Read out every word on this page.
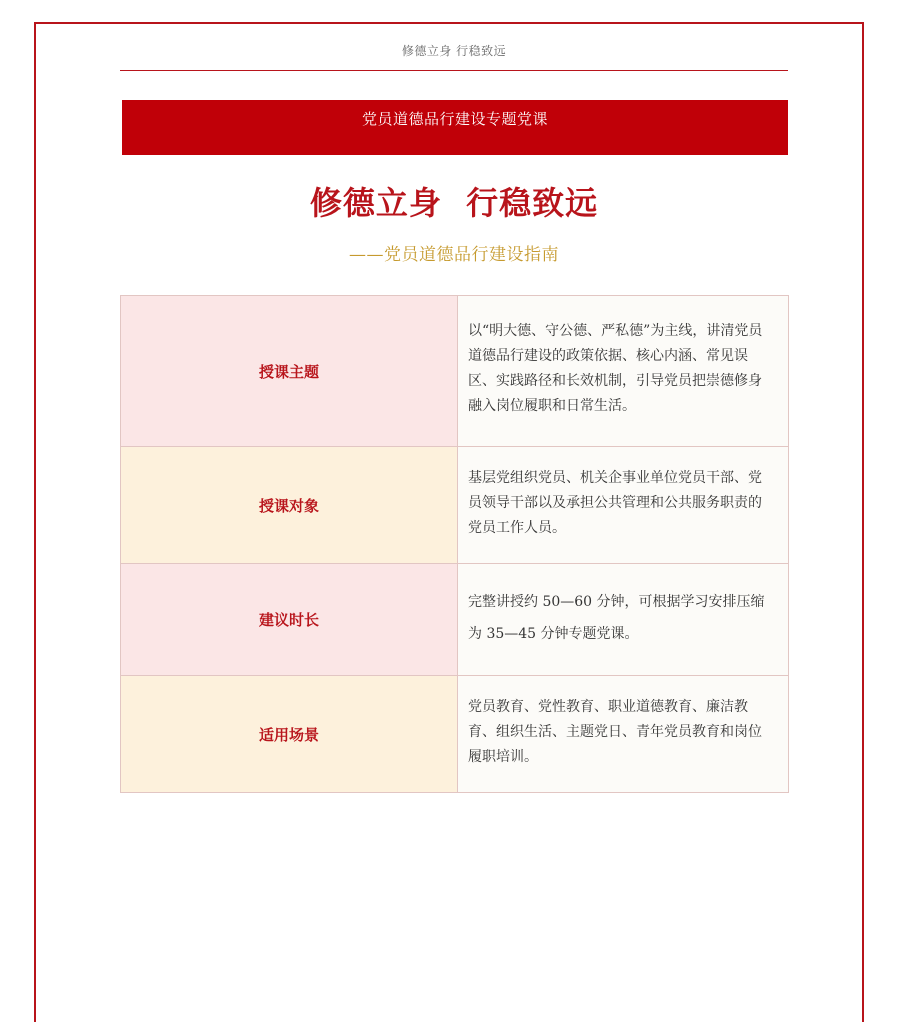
修德立身 行稳致远
党员道德品行建设专题党课
修德立身  行稳致远
——党员道德品行建设指南
授课主题	以“明大德、守公德、严私德”为主线，讲清党员道德品行建设的政策依据、核心内涵、常见误区、实践路径和长效机制，引导党员把崇德修身融入岗位履职和日常生活。
授课对象	基层党组织党员、机关企事业单位党员干部、党员领导干部以及承担公共管理和公共服务职责的党员工作人员。
建议时长	完整讲授约 50—60 分钟，可根据学习安排压缩为 35—45 分钟专题党课。
适用场景	党员教育、党性教育、职业道德教育、廉洁教育、组织生活、主题党日、青年党员教育和岗位履职培训。
